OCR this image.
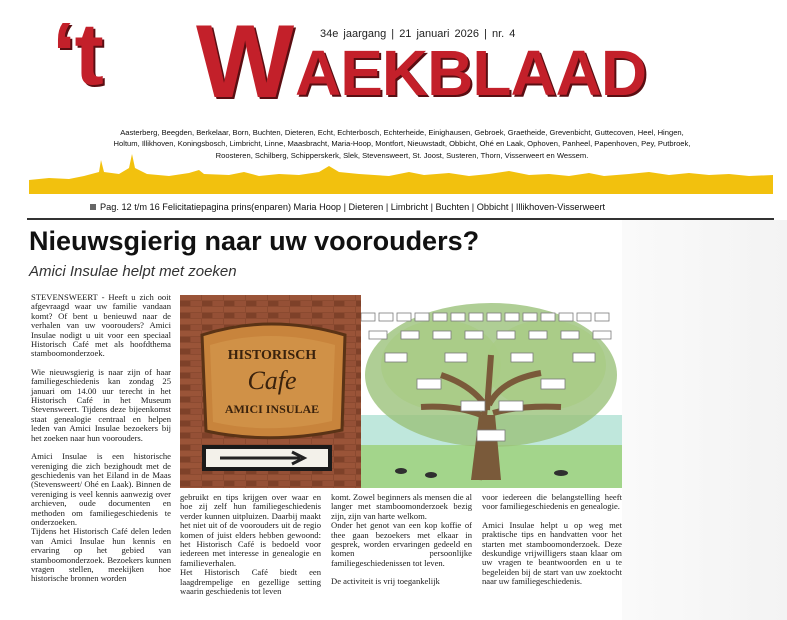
‘t W AEKBLAAD
34e jaargang | 21 januari 2026 | nr. 4
Aasterberg, Beegden, Berkelaar, Born, Buchten, Dieteren, Echt, Echterbosch, Echterheide, Einighausen, Gebroek, Graetheide, Grevenbicht, Guttecoven, Heel, Hingen,
Holtum, Illikhoven, Koningsbosch, Limbricht, Linne, Maasbracht, Maria-Hoop, Montfort, Nieuwstadt, Obbicht, Ohé en Laak, Ophoven, Panheel, Papenhoven, Pey, Putbroek,
Roosteren, Schilberg, Schipperskerk, Slek, Stevensweert, St. Joost, Susteren, Thorn, Visserweert en Wessem.
Pag. 12 t/m 16 Felicitatiepagina prins(enparen) Maria Hoop | Dieteren | Limbricht | Buchten | Obbicht | Illikhoven-Visserweert
Nieuwsgierig naar uw voorouders?
Amici Insulae helpt met zoeken

STEVENSWEERT - Heeft u zich ooit afgevraagd waar uw familie vandaan komt? Of bent u benieuwd naar de verhalen van uw voorouders? Amici Insulae nodigt u uit voor een speciaal Historisch Café met als hoofdthema stamboomonderzoek.

Wie nieuwsgierig is naar zijn of haar familiegeschiedenis kan zondag 25 januari om 14.00 uur terecht in het Historisch Café in het Museum Stevensweert. Tijdens deze bijeenkomst staat genealogie centraal en helpen leden van Amici Insulae bezoekers bij het zoeken naar hun voorouders.

Amici Insulae is een historische vereniging die zich bezighoudt met de geschiedenis van het Eiland in de Maas (Stevensweert/ Ohé en Laak). Binnen de vereniging is veel kennis aanwezig over archieven, oude documenten en methoden om familiegeschiedenis te onderzoeken.

Tijdens het Historisch Café delen leden van Amici Insulae hun kennis en ervaring op het gebied van stamboomonderzoek. Bezoekers kunnen vragen stellen, meekijken hoe historische bronnen worden

HISTORISCH
Cafe
AMICI INSULAE

gebruikt en tips krijgen over waar en hoe zij zelf hun familiegeschiedenis verder kunnen uitpluizen. Daarbij maakt het niet uit of de voorouders uit de regio komen of juist elders hebben gewoond: het Historisch Café is bedoeld voor iedereen met interesse in genealogie en familieverhalen.

Het Historisch Café biedt een laagdrempelige en gezellige setting waarin geschiedenis tot leven

komt. Zowel beginners als mensen die al langer met stamboomonderzoek bezig zijn, zijn van harte welkom.

Onder het genot van een kop koffie of thee gaan bezoekers met elkaar in gesprek, worden ervaringen gedeeld en komen persoonlijke familiegeschiedenissen tot leven.

De activiteit is vrij toegankelijk

voor iedereen die belangstelling heeft voor familiegeschiedenis en genealogie.

Amici Insulae helpt u op weg met praktische tips en handvatten voor het starten met stamboomonderzoek. Deze deskundige vrijwilligers staan klaar om uw vragen te beantwoorden en u te begeleiden bij de start van uw zoektocht naar uw familiegeschiedenis.
